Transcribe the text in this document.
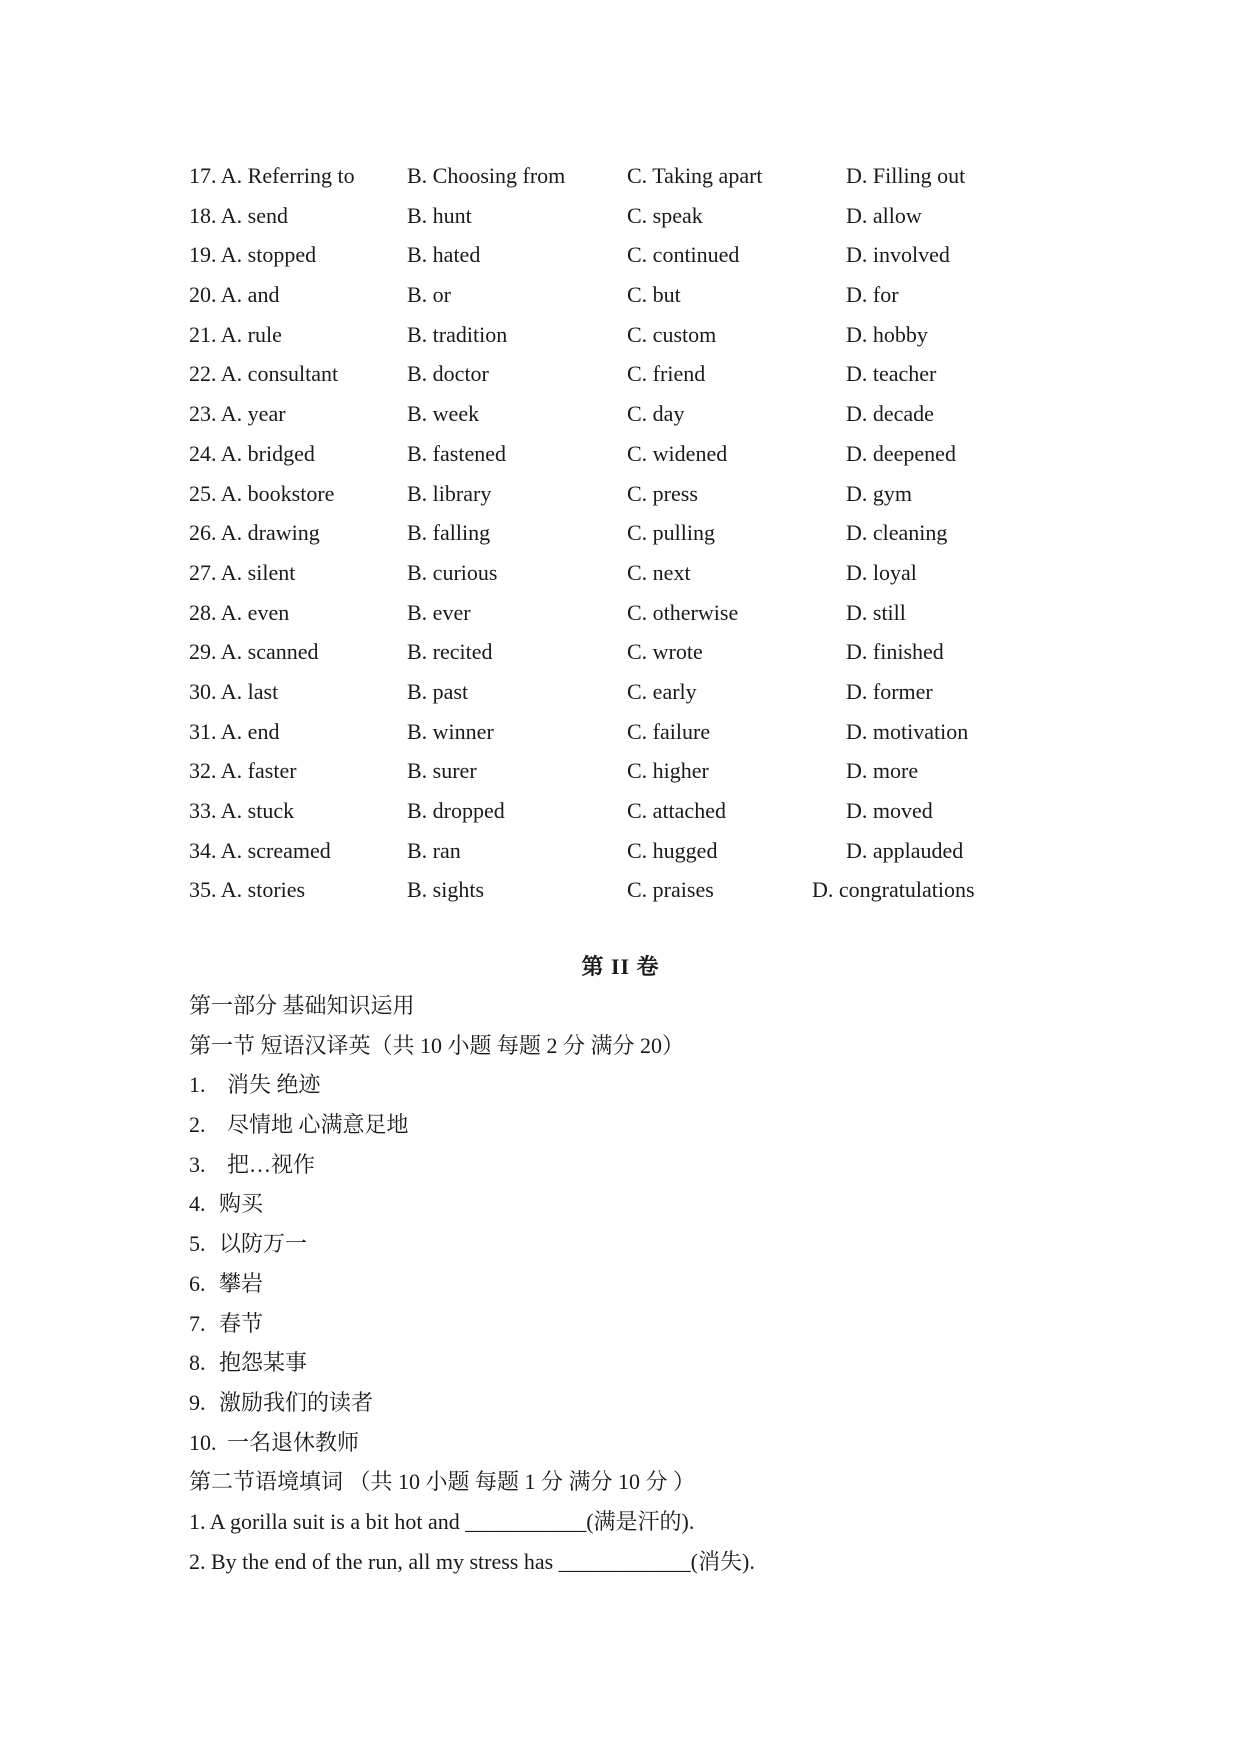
17. A. Referring to B. Choosing from	C. Taking apart	D. Filling out
18. A. send	B. hunt	C. speak	D. allow
19. A. stopped	B. hated	C. continued	D. involved
20. A. and	B. or	C. but	D. for
21. A. rule	B. tradition	C. custom	D. hobby
22. A. consultant	B. doctor	C. friend	D. teacher
23. A. year	B. week	C. day	D. decade
24. A. bridged	B. fastened	C. widened	D. deepened
25. A. bookstore	B. library	C. press	D. gym
26. A. drawing	B. falling	C. pulling	D. cleaning
27. A. silent	B. curious	C. next	D. loyal
28. A. even	B. ever	C. otherwise	D. still
29. A. scanned	B. recited	C. wrote	D. finished
30. A. last	B. past	C. early	D. former
31. A. end	B. winner	C. failure	D. motivation
32. A. faster	B. surer	C. higher	D. more
33. A. stuck	B. dropped	C. attached	D. moved
34. A. screamed	B. ran	C. hugged	D. applauded
35. A. stories	B. sights	C. praises	D. congratulations
第 II 卷
第一部分 基础知识运用
第一节 短语汉译英（共 10 小题 每题 2 分 满分 20）
1. 消失 绝迹
2. 尽情地 心满意足地
3. 把…视作
4. 购买
5. 以防万一
6. 攀岩
7. 春节
8. 抱怨某事
9. 激励我们的读者
10. 一名退休教师
第二节语境填词 （共 10 小题 每题 1 分 满分 10 分 ）
1. A gorilla suit is a bit hot and ___________(满是汗的).
2. By the end of the run, all my stress has ____________(消失).
